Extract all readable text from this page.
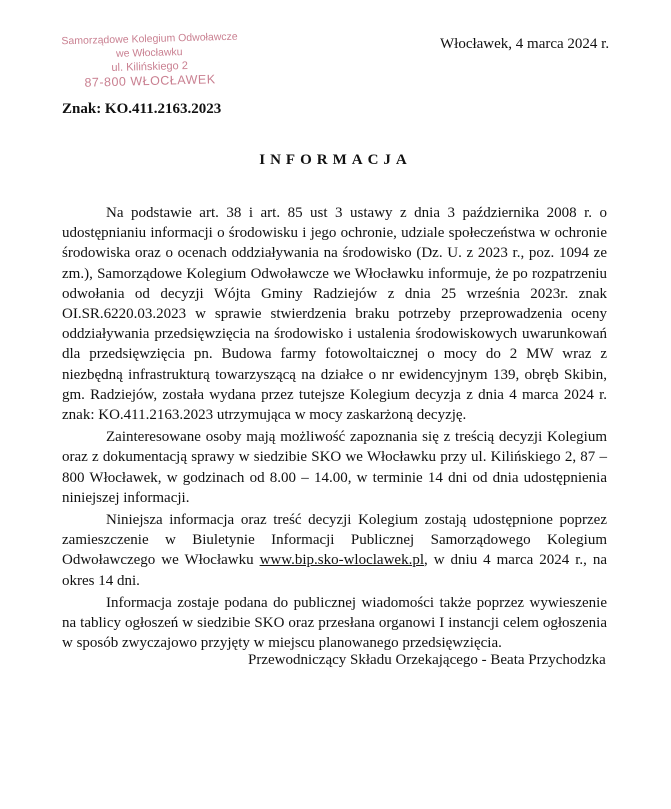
Samorządowe Kolegium Odwoławcze
we Włocławku
ul. Kilińskiego 2
87-800 WŁOCŁAWEK
Włocławek, 4 marca 2024 r.
Znak: KO.411.2163.2023
INFORMACJA

Na podstawie art. 38 i art. 85 ust 3 ustawy z dnia 3 października 2008 r. o udostępnianiu informacji o środowisku i jego ochronie, udziale społeczeństwa w ochronie środowiska oraz o ocenach oddziaływania na środowisko (Dz. U. z 2023 r., poz. 1094 ze zm.), Samorządowe Kolegium Odwoławcze we Włocławku informuje, że po rozpatrzeniu odwołania od decyzji Wójta Gminy Radziejów z dnia 25 września 2023r. znak OI.SR.6220.03.2023 w sprawie stwierdzenia braku potrzeby przeprowadzenia oceny oddziaływania przedsięwzięcia na środowisko i ustalenia środowiskowych uwarunkowań dla przedsięwzięcia pn. Budowa farmy fotowoltaicznej o mocy do 2 MW wraz z niezbędną infrastrukturą towarzyszącą na działce o nr ewidencyjnym 139, obręb Skibin, gm. Radziejów, została wydana przez tutejsze Kolegium decyzja z dnia 4 marca 2024 r. znak: KO.411.2163.2023 utrzymująca w mocy zaskarżoną decyzję.

Zainteresowane osoby mają możliwość zapoznania się z treścią decyzji Kolegium oraz z dokumentacją sprawy w siedzibie SKO we Włocławku przy ul. Kilińskiego 2, 87 – 800 Włocławek, w godzinach od 8.00 – 14.00, w terminie 14 dni od dnia udostępnienia niniejszej informacji.

Niniejsza informacja oraz treść decyzji Kolegium zostają udostępnione poprzez zamieszczenie w Biuletynie Informacji Publicznej Samorządowego Kolegium Odwoławczego we Włocławku www.bip.sko-wloclawek.pl, w dniu 4 marca 2024 r., na okres 14 dni.

Informacja zostaje podana do publicznej wiadomości także poprzez wywieszenie na tablicy ogłoszeń w siedzibie SKO oraz przesłana organowi I instancji celem ogłoszenia w sposób zwyczajowo przyjęty w miejscu planowanego przedsięwzięcia.

Przewodniczący Składu Orzekającego - Beata Przychodzka
